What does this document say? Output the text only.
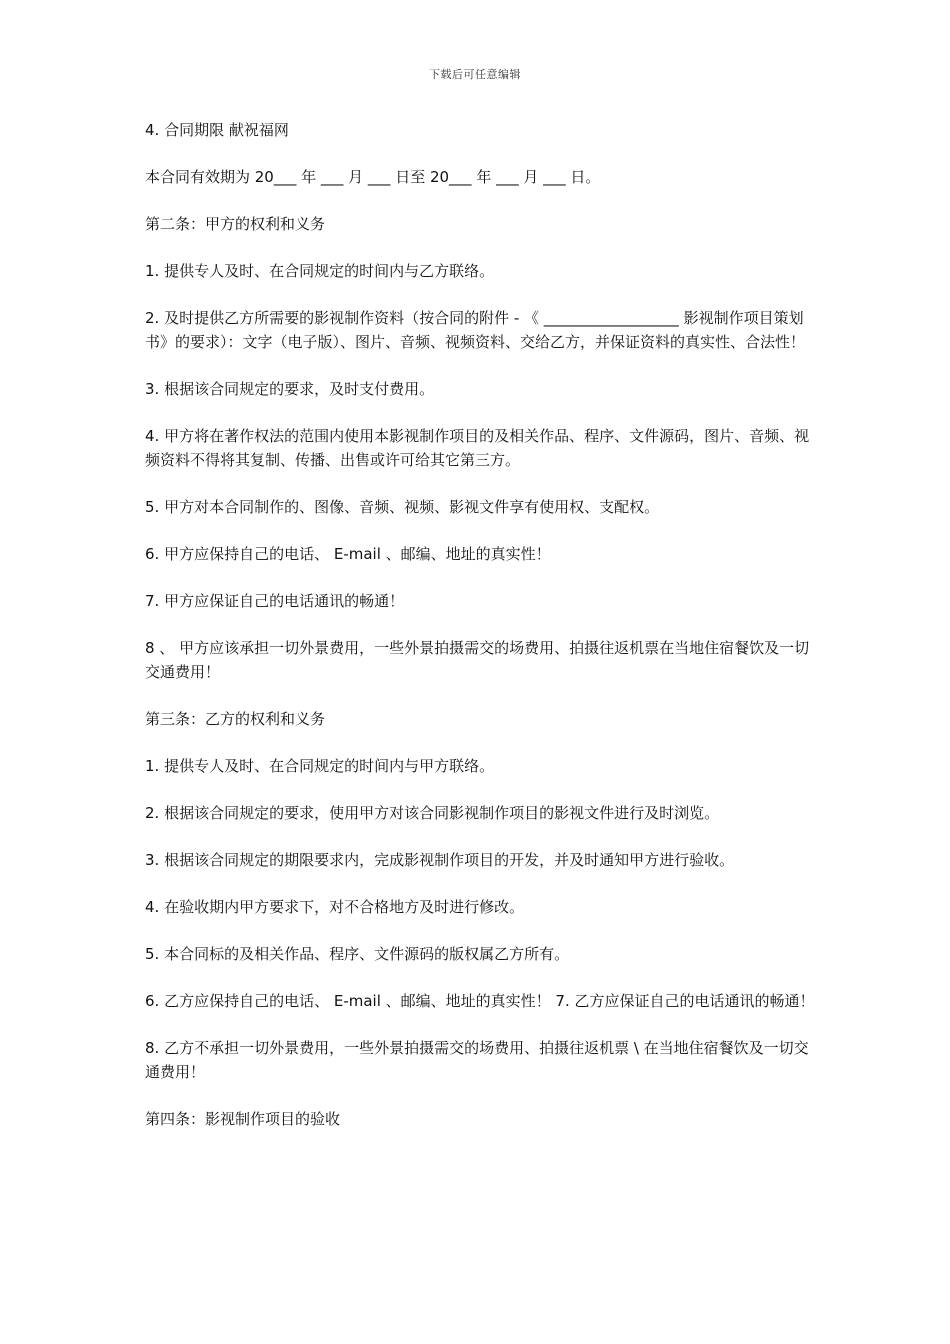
下载后可任意编辑

4. 合同期限 献祝福网

本合同有效期为 20___ 年 ___ 月 ___ 日至 20___ 年 ___ 月 ___ 日。

第二条：甲方的权利和义务

1. 提供专人及时、在合同规定的时间内与乙方联络。

2. 及时提供乙方所需要的影视制作资料（按合同的附件 - 《 __________________ 影视制作项目策划书》的要求）：文字（电子版）、图片、音频、视频资料、交给乙方，并保证资料的真实性、合法性！

3. 根据该合同规定的要求，及时支付费用。

4. 甲方将在著作权法的范围内使用本影视制作项目的及相关作品、程序、文件源码，图片、音频、视频资料不得将其复制、传播、出售或许可给其它第三方。

5. 甲方对本合同制作的、图像、音频、视频、影视文件享有使用权、支配权。

6. 甲方应保持自己的电话、 E-mail 、邮编、地址的真实性！

7. 甲方应保证自己的电话通讯的畅通！

8 、 甲方应该承担一切外景费用，一些外景拍摄需交的场费用、拍摄往返机票在当地住宿餐饮及一切交通费用！

第三条：乙方的权利和义务

1. 提供专人及时、在合同规定的时间内与甲方联络。

2. 根据该合同规定的要求，使用甲方对该合同影视制作项目的影视文件进行及时浏览。

3. 根据该合同规定的期限要求内，完成影视制作项目的开发，并及时通知甲方进行验收。

4. 在验收期内甲方要求下，对不合格地方及时进行修改。

5. 本合同标的及相关作品、程序、文件源码的版权属乙方所有。

6. 乙方应保持自己的电话、 E-mail 、邮编、地址的真实性！ 7. 乙方应保证自己的电话通讯的畅通！

8. 乙方不承担一切外景费用，一些外景拍摄需交的场费用、拍摄往返机票 \ 在当地住宿餐饮及一切交通费用！

第四条：影视制作项目的验收
